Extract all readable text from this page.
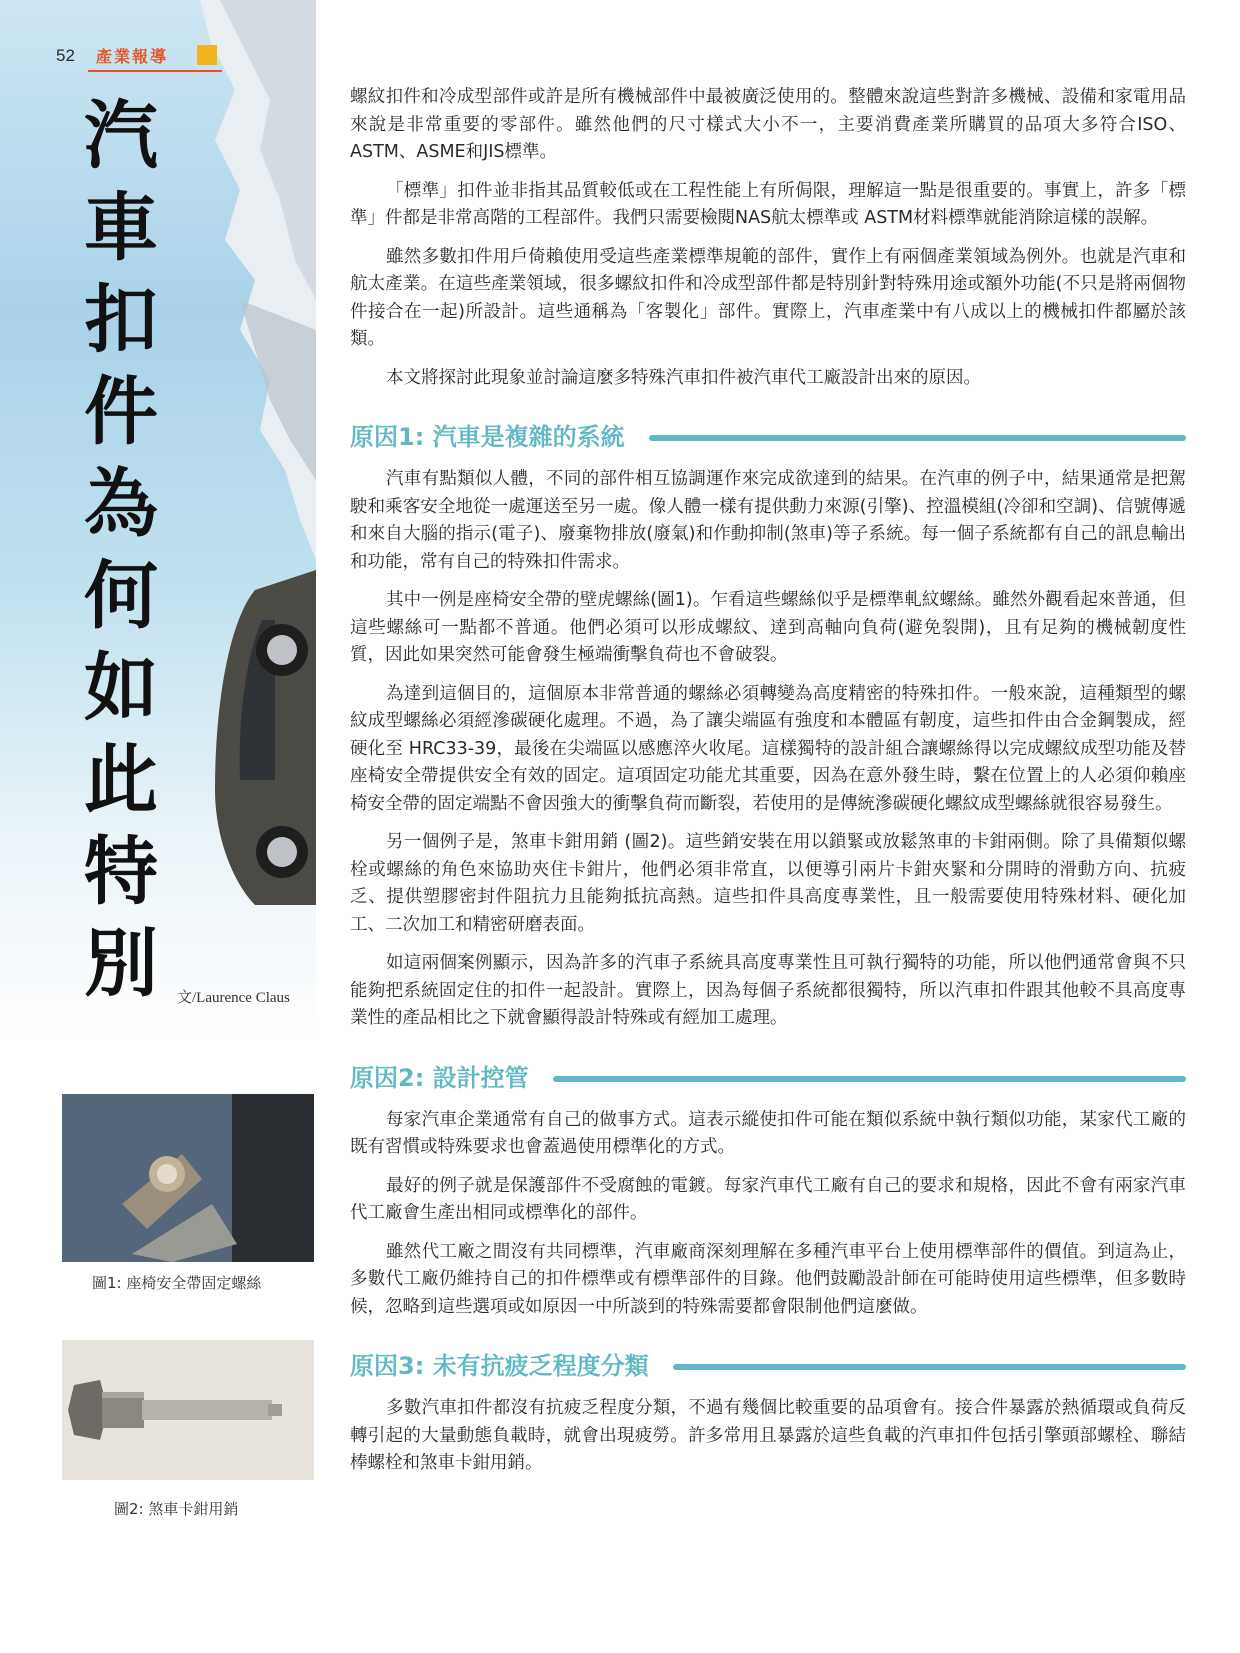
52 產業報導
汽車扣件為何如此特別	文/Laurence Claus
圖1: 座椅安全帶固定螺絲
圖2: 煞車卡鉗用銷

螺紋扣件和冷成型部件或許是所有機械部件中最被廣泛使用的。整體來說這些對許多機械、設備和家電用品來說是非常重要的零部件。雖然他們的尺寸樣式大小不一，主要消費產業所購買的品項大多符合ISO、ASTM、ASME和JIS標準。

「標準」扣件並非指其品質較低或在工程性能上有所侷限，理解這一點是很重要的。事實上，許多「標準」件都是非常高階的工程部件。我們只需要檢閱NAS航太標準或 ASTM材料標準就能消除這樣的誤解。

雖然多數扣件用戶倚賴使用受這些產業標準規範的部件，實作上有兩個產業領域為例外。也就是汽車和航太產業。在這些產業領域，很多螺紋扣件和冷成型部件都是特別針對特殊用途或額外功能(不只是將兩個物件接合在一起)所設計。這些通稱為「客製化」部件。實際上，汽車產業中有八成以上的機械扣件都屬於該類。

本文將探討此現象並討論這麼多特殊汽車扣件被汽車代工廠設計出來的原因。

原因1: 汽車是複雜的系統

汽車有點類似人體，不同的部件相互協調運作來完成欲達到的結果。在汽車的例子中，結果通常是把駕駛和乘客安全地從一處運送至另一處。像人體一樣有提供動力來源(引擎)、控溫模組(冷卻和空調)、信號傳遞和來自大腦的指示(電子)、廢棄物排放(廢氣)和作動抑制(煞車)等子系統。每一個子系統都有自己的訊息輸出和功能，常有自己的特殊扣件需求。

其中一例是座椅安全帶的壁虎螺絲(圖1)。乍看這些螺絲似乎是標準軋紋螺絲。雖然外觀看起來普通，但這些螺絲可一點都不普通。他們必須可以形成螺紋、達到高軸向負荷(避免裂開)，且有足夠的機械韌度性質，因此如果突然可能會發生極端衝擊負荷也不會破裂。

為達到這個目的，這個原本非常普通的螺絲必須轉變為高度精密的特殊扣件。一般來說，這種類型的螺紋成型螺絲必須經滲碳硬化處理。不過，為了讓尖端區有強度和本體區有韌度，這些扣件由合金鋼製成，經硬化至 HRC33-39，最後在尖端區以感應淬火收尾。這樣獨特的設計組合讓螺絲得以完成螺紋成型功能及替座椅安全帶提供安全有效的固定。這項固定功能尤其重要，因為在意外發生時，繫在位置上的人必須仰賴座椅安全帶的固定端點不會因強大的衝擊負荷而斷裂，若使用的是傳統滲碳硬化螺紋成型螺絲就很容易發生。

另一個例子是，煞車卡鉗用銷 (圖2)。這些銷安裝在用以鎖緊或放鬆煞車的卡鉗兩側。除了具備類似螺栓或螺絲的角色來協助夾住卡鉗片，他們必須非常直，以便導引兩片卡鉗夾緊和分開時的滑動方向、抗疲乏、提供塑膠密封件阻抗力且能夠抵抗高熱。這些扣件具高度專業性，且一般需要使用特殊材料、硬化加工、二次加工和精密研磨表面。

如這兩個案例顯示，因為許多的汽車子系統具高度專業性且可執行獨特的功能，所以他們通常會與不只能夠把系統固定住的扣件一起設計。實際上，因為每個子系統都很獨特，所以汽車扣件跟其他較不具高度專業性的產品相比之下就會顯得設計特殊或有經加工處理。

原因2: 設計控管

每家汽車企業通常有自己的做事方式。這表示縱使扣件可能在類似系統中執行類似功能，某家代工廠的既有習慣或特殊要求也會蓋過使用標準化的方式。

最好的例子就是保護部件不受腐蝕的電鍍。每家汽車代工廠有自己的要求和規格，因此不會有兩家汽車代工廠會生產出相同或標準化的部件。

雖然代工廠之間沒有共同標準，汽車廠商深刻理解在多種汽車平台上使用標準部件的價值。到這為止，多數代工廠仍維持自己的扣件標準或有標準部件的目錄。他們鼓勵設計師在可能時使用這些標準，但多數時候，忽略到這些選項或如原因一中所談到的特殊需要都會限制他們這麼做。

原因3: 未有抗疲乏程度分類

多數汽車扣件都沒有抗疲乏程度分類，不過有幾個比較重要的品項會有。接合件暴露於熱循環或負荷反轉引起的大量動態負載時，就會出現疲勞。許多常用且暴露於這些負載的汽車扣件包括引擎頭部螺栓、聯結棒螺栓和煞車卡鉗用銷。
